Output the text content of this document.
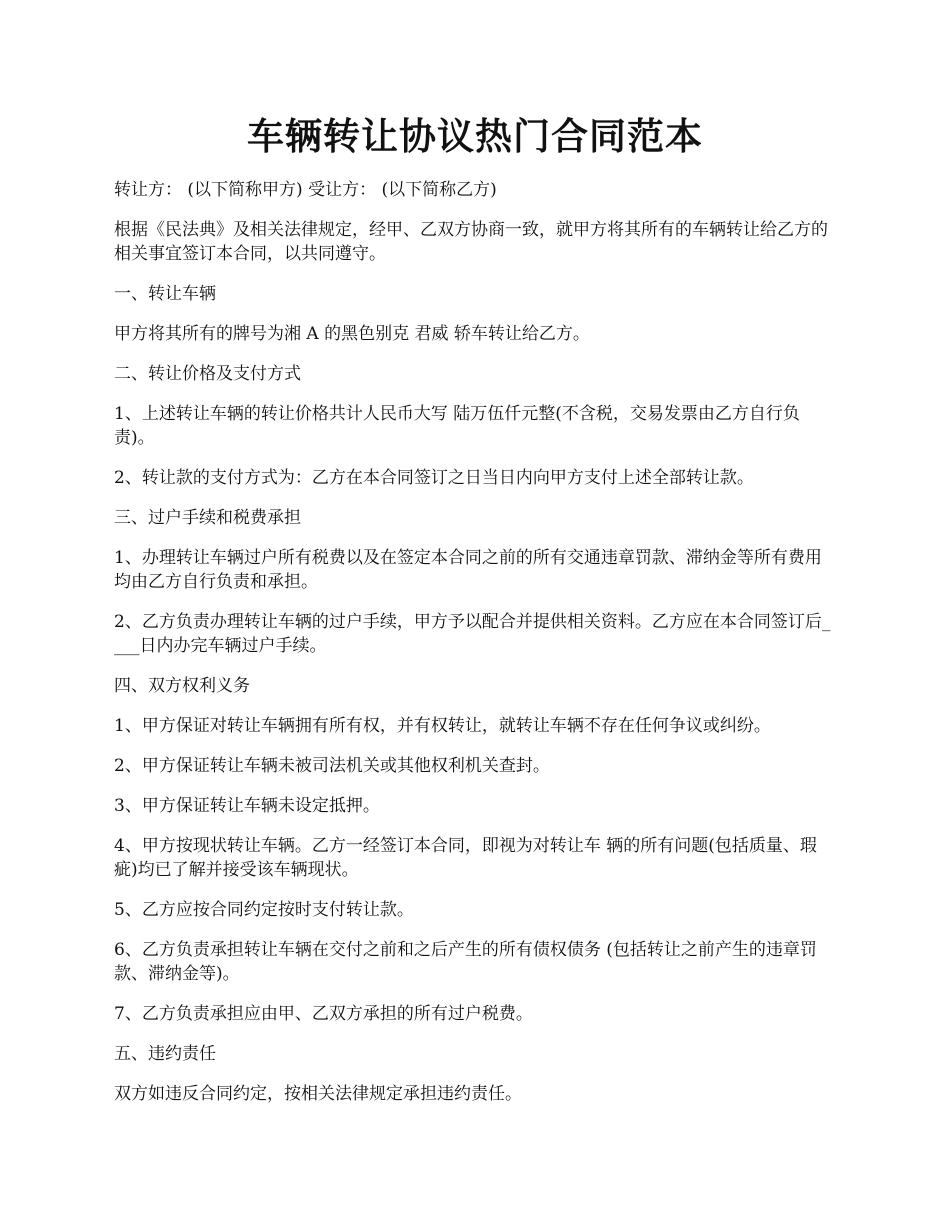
车辆转让协议热门合同范本

转让方： (以下简称甲方) 受让方： (以下简称乙方)

根据《民法典》及相关法律规定，经甲、乙双方协商一致，就甲方将其所有的车辆转让给乙方的相关事宜签订本合同，以共同遵守。

一、转让车辆

甲方将其所有的牌号为湘 A 的黑色别克 君威 轿车转让给乙方。

二、转让价格及支付方式

1、上述转让车辆的转让价格共计人民币大写 陆万伍仟元整(不含税，交易发票由乙方自行负责)。

2、转让款的支付方式为：乙方在本合同签订之日当日内向甲方支付上述全部转让款。

三、过户手续和税费承担

1、办理转让车辆过户所有税费以及在签定本合同之前的所有交通违章罚款、滞纳金等所有费用均由乙方自行负责和承担。

2、乙方负责办理转让车辆的过户手续，甲方予以配合并提供相关资料。乙方应在本合同签订后____日内办完车辆过户手续。

四、双方权利义务

1、甲方保证对转让车辆拥有所有权，并有权转让，就转让车辆不存在任何争议或纠纷。

2、甲方保证转让车辆未被司法机关或其他权利机关查封。

3、甲方保证转让车辆未设定抵押。

4、甲方按现状转让车辆。乙方一经签订本合同，即视为对转让车 辆的所有问题(包括质量、瑕疵)均已了解并接受该车辆现状。

5、乙方应按合同约定按时支付转让款。

6、乙方负责承担转让车辆在交付之前和之后产生的所有债权债务 (包括转让之前产生的违章罚款、滞纳金等)。

7、乙方负责承担应由甲、乙双方承担的所有过户税费。

五、违约责任

双方如违反合同约定，按相关法律规定承担违约责任。
